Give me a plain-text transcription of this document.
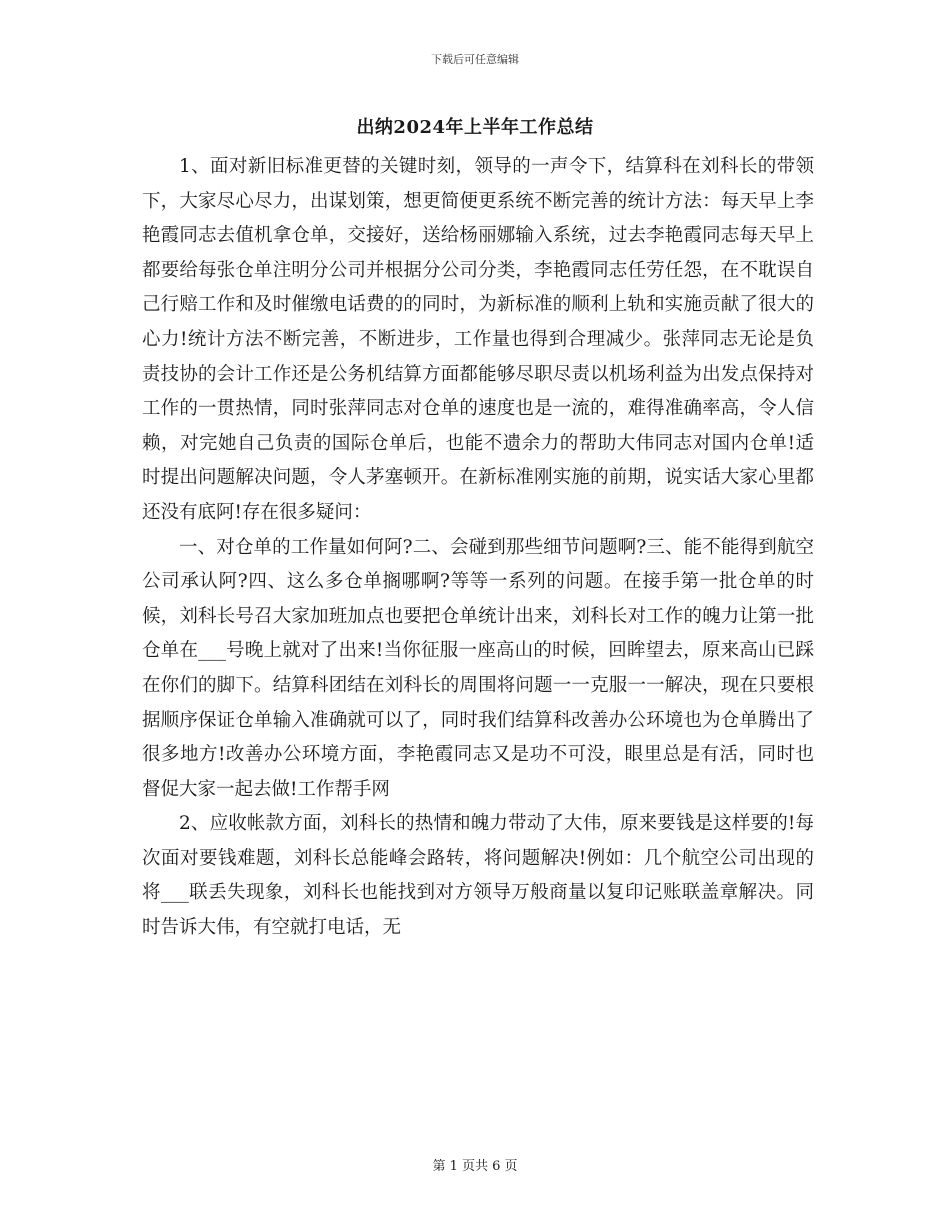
下载后可任意编辑
出纳2024年上半年工作总结

1、面对新旧标准更替的关键时刻，领导的一声令下，结算科在刘科长的带领下，大家尽心尽力，出谋划策，想更简便更系统不断完善的统计方法：每天早上李艳霞同志去值机拿仓单，交接好，送给杨丽娜输入系统，过去李艳霞同志每天早上都要给每张仓单注明分公司并根据分公司分类，李艳霞同志任劳任怨，在不耽误自己行赔工作和及时催缴电话费的的同时，为新标准的顺利上轨和实施贡献了很大的心力!统计方法不断完善，不断进步，工作量也得到合理减少。张萍同志无论是负责技协的会计工作还是公务机结算方面都能够尽职尽责以机场利益为出发点保持对工作的一贯热情，同时张萍同志对仓单的速度也是一流的，难得准确率高，令人信赖，对完她自己负责的国际仓单后，也能不遗余力的帮助大伟同志对国内仓单!适时提出问题解决问题，令人茅塞顿开。在新标准刚实施的前期，说实话大家心里都还没有底阿!存在很多疑问：

一、对仓单的工作量如何阿?二、会碰到那些细节问题啊?三、能不能得到航空公司承认阿?四、这么多仓单搁哪啊?等等一系列的问题。在接手第一批仓单的时候，刘科长号召大家加班加点也要把仓单统计出来，刘科长对工作的魄力让第一批仓单在___号晚上就对了出来!当你征服一座高山的时候，回眸望去，原来高山已踩在你们的脚下。结算科团结在刘科长的周围将问题一一克服一一解决，现在只要根据顺序保证仓单输入准确就可以了，同时我们结算科改善办公环境也为仓单腾出了很多地方!改善办公环境方面，李艳霞同志又是功不可没，眼里总是有活，同时也督促大家一起去做!工作帮手网

2、应收帐款方面，刘科长的热情和魄力带动了大伟，原来要钱是这样要的!每次面对要钱难题，刘科长总能峰会路转，将问题解决!例如：几个航空公司出现的将___联丢失现象，刘科长也能找到对方领导万般商量以复印记账联盖章解决。同时告诉大伟，有空就打电话，无

第 1 页共 6 页
